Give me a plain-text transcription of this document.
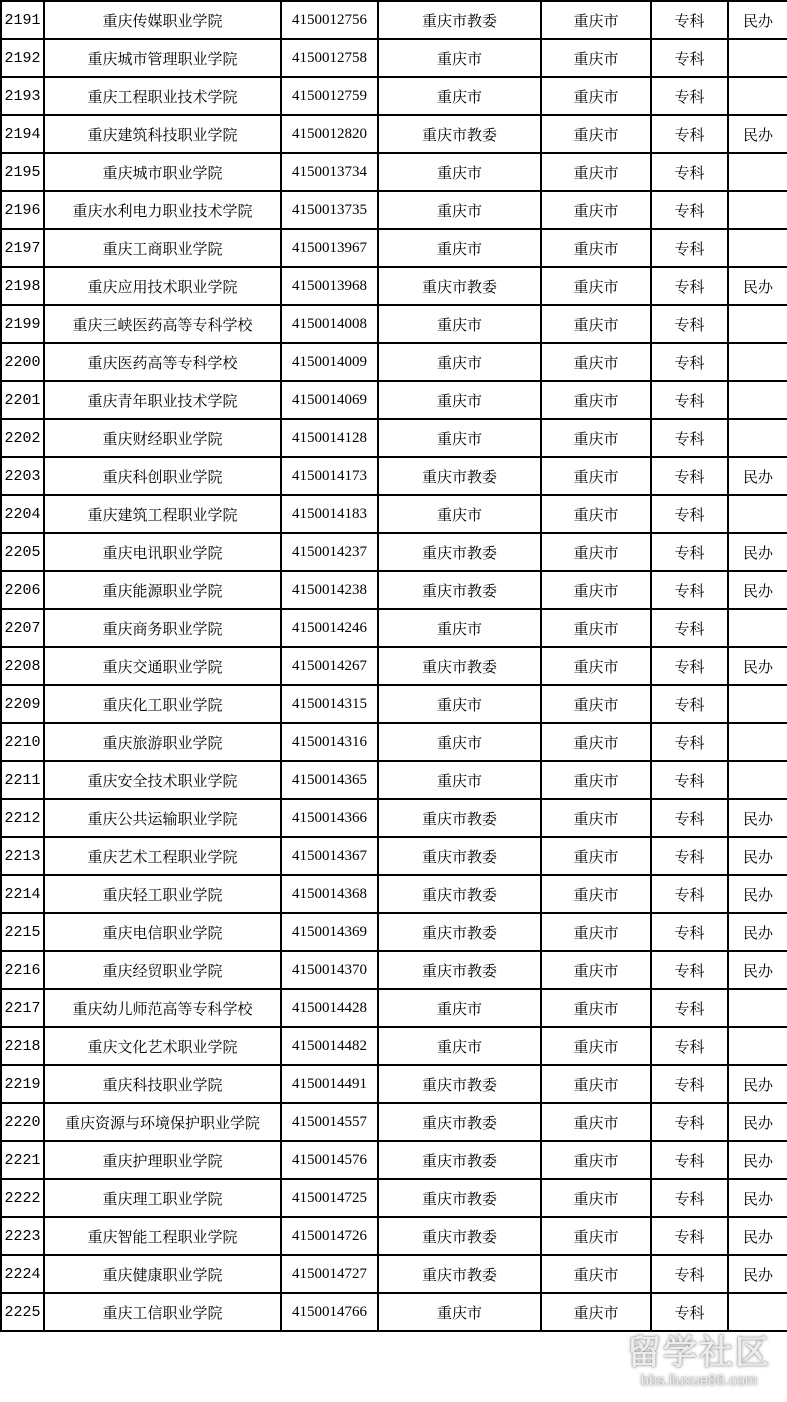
2191	重庆传媒职业学院	4150012756	重庆市教委	重庆市	专科	民办
2192	重庆城市管理职业学院	4150012758	重庆市	重庆市	专科	
2193	重庆工程职业技术学院	4150012759	重庆市	重庆市	专科	
2194	重庆建筑科技职业学院	4150012820	重庆市教委	重庆市	专科	民办
2195	重庆城市职业学院	4150013734	重庆市	重庆市	专科	
2196	重庆水利电力职业技术学院	4150013735	重庆市	重庆市	专科	
2197	重庆工商职业学院	4150013967	重庆市	重庆市	专科	
2198	重庆应用技术职业学院	4150013968	重庆市教委	重庆市	专科	民办
2199	重庆三峡医药高等专科学校	4150014008	重庆市	重庆市	专科	
2200	重庆医药高等专科学校	4150014009	重庆市	重庆市	专科	
2201	重庆青年职业技术学院	4150014069	重庆市	重庆市	专科	
2202	重庆财经职业学院	4150014128	重庆市	重庆市	专科	
2203	重庆科创职业学院	4150014173	重庆市教委	重庆市	专科	民办
2204	重庆建筑工程职业学院	4150014183	重庆市	重庆市	专科	
2205	重庆电讯职业学院	4150014237	重庆市教委	重庆市	专科	民办
2206	重庆能源职业学院	4150014238	重庆市教委	重庆市	专科	民办
2207	重庆商务职业学院	4150014246	重庆市	重庆市	专科	
2208	重庆交通职业学院	4150014267	重庆市教委	重庆市	专科	民办
2209	重庆化工职业学院	4150014315	重庆市	重庆市	专科	
2210	重庆旅游职业学院	4150014316	重庆市	重庆市	专科	
2211	重庆安全技术职业学院	4150014365	重庆市	重庆市	专科	
2212	重庆公共运输职业学院	4150014366	重庆市教委	重庆市	专科	民办
2213	重庆艺术工程职业学院	4150014367	重庆市教委	重庆市	专科	民办
2214	重庆轻工职业学院	4150014368	重庆市教委	重庆市	专科	民办
2215	重庆电信职业学院	4150014369	重庆市教委	重庆市	专科	民办
2216	重庆经贸职业学院	4150014370	重庆市教委	重庆市	专科	民办
2217	重庆幼儿师范高等专科学校	4150014428	重庆市	重庆市	专科	
2218	重庆文化艺术职业学院	4150014482	重庆市	重庆市	专科	
2219	重庆科技职业学院	4150014491	重庆市教委	重庆市	专科	民办
2220	重庆资源与环境保护职业学院	4150014557	重庆市教委	重庆市	专科	民办
2221	重庆护理职业学院	4150014576	重庆市教委	重庆市	专科	民办
2222	重庆理工职业学院	4150014725	重庆市教委	重庆市	专科	民办
2223	重庆智能工程职业学院	4150014726	重庆市教委	重庆市	专科	民办
2224	重庆健康职业学院	4150014727	重庆市教委	重庆市	专科	民办
2225	重庆工信职业学院	4150014766	重庆市	重庆市	专科	
留学社区
bbs.liuxue86.com
